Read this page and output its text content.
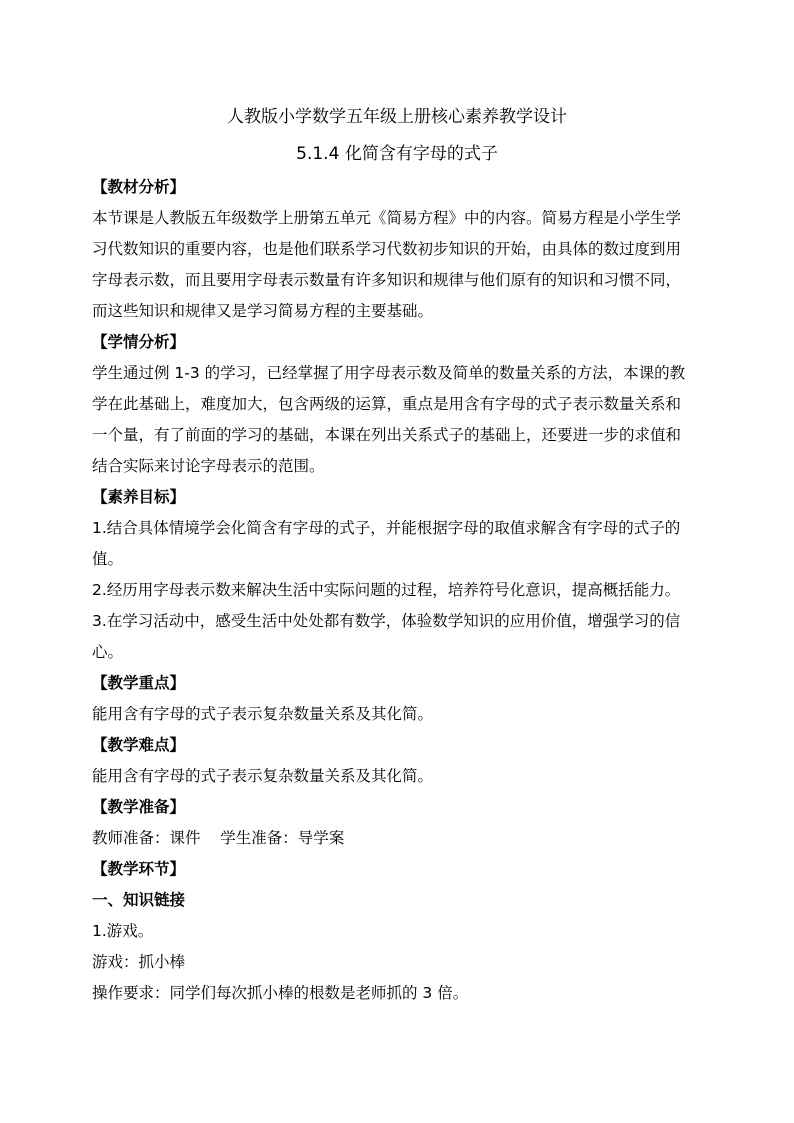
人教版小学数学五年级上册核心素养教学设计
5.1.4 化简含有字母的式子
【教材分析】
本节课是人教版五年级数学上册第五单元《简易方程》中的内容。简易方程是小学生学
习代数知识的重要内容，也是他们联系学习代数初步知识的开始，由具体的数过度到用
字母表示数，而且要用字母表示数量有许多知识和规律与他们原有的知识和习惯不同，
而这些知识和规律又是学习简易方程的主要基础。
【学情分析】
学生通过例 1-3 的学习，已经掌握了用字母表示数及简单的数量关系的方法，本课的教
学在此基础上，难度加大，包含两级的运算，重点是用含有字母的式子表示数量关系和
一个量，有了前面的学习的基础，本课在列出关系式子的基础上，还要进一步的求值和
结合实际来讨论字母表示的范围。
【素养目标】
1.结合具体情境学会化简含有字母的式子，并能根据字母的取值求解含有字母的式子的
值。
2.经历用字母表示数来解决生活中实际问题的过程，培养符号化意识，提高概括能力。
3.在学习活动中，感受生活中处处都有数学，体验数学知识的应用价值，增强学习的信
心。
【教学重点】
能用含有字母的式子表示复杂数量关系及其化简。
【教学难点】
能用含有字母的式子表示复杂数量关系及其化简。
【教学准备】
教师准备：课件    学生准备：导学案
【教学环节】
一、知识链接
1.游戏。
游戏：抓小棒
操作要求：同学们每次抓小棒的根数是老师抓的 3 倍。
